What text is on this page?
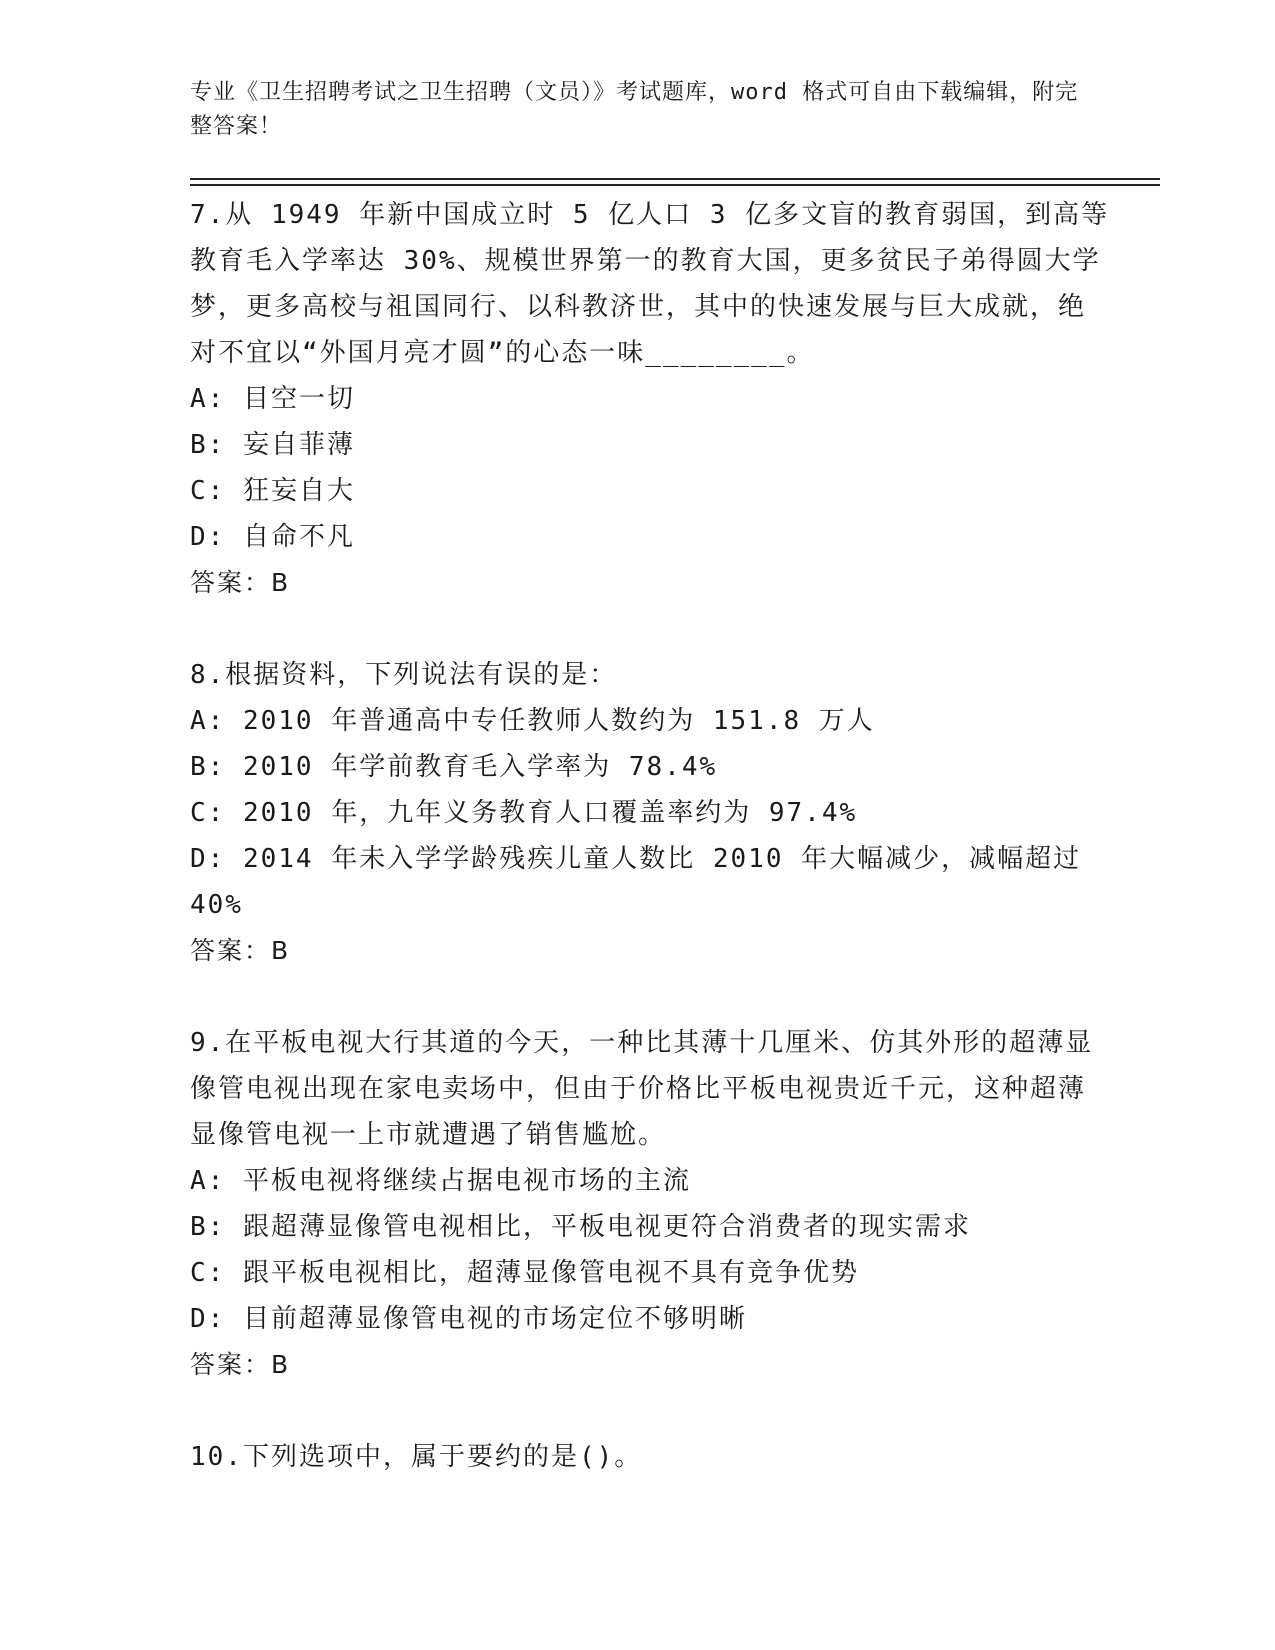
专业《卫生招聘考试之卫生招聘（文员）》考试题库，word 格式可自由下载编辑，附完整答案！

7.从 1949 年新中国成立时 5 亿人口 3 亿多文盲的教育弱国，到高等教育毛入学率达 30%、规模世界第一的教育大国，更多贫民子弟得圆大学梦，更多高校与祖国同行、以科教济世，其中的快速发展与巨大成就，绝对不宜以“外国月亮才圆”的心态一味________。

A: 目空一切

B: 妄自菲薄

C: 狂妄自大

D: 自命不凡

答案：B

8.根据资料，下列说法有误的是：

A: 2010 年普通高中专任教师人数约为 151.8 万人

B: 2010 年学前教育毛入学率为 78.4%

C: 2010 年，九年义务教育人口覆盖率约为 97.4%

D: 2014 年未入学学龄残疾儿童人数比 2010 年大幅减少，减幅超过 40%

答案：B

9.在平板电视大行其道的今天，一种比其薄十几厘米、仿其外形的超薄显像管电视出现在家电卖场中，但由于价格比平板电视贵近千元，这种超薄显像管电视一上市就遭遇了销售尴尬。

A: 平板电视将继续占据电视市场的主流

B: 跟超薄显像管电视相比，平板电视更符合消费者的现实需求

C: 跟平板电视相比，超薄显像管电视不具有竞争优势

D: 目前超薄显像管电视的市场定位不够明晰

答案：B

10.下列选项中，属于要约的是()。
